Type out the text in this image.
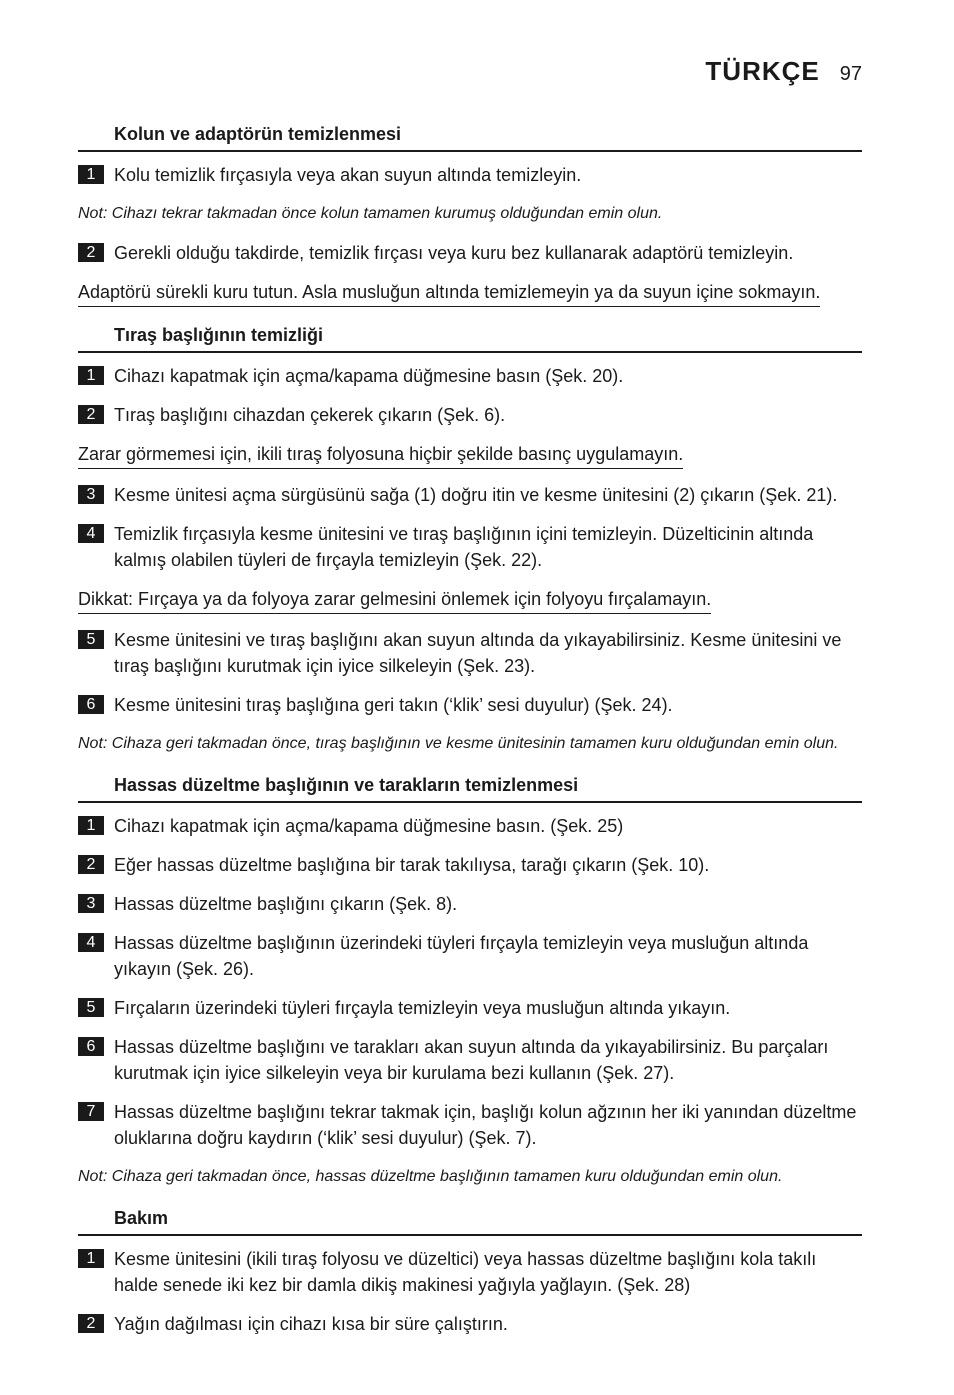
TÜRKÇE 97
Kolun ve adaptörün temizlenmesi
1	Kolu temizlik fırçasıyla veya akan suyun altında temizleyin.
Not: Cihazı tekrar takmadan önce kolun tamamen kurumuş olduğundan emin olun.
2	Gerekli olduğu takdirde, temizlik fırçası veya kuru bez kullanarak adaptörü temizleyin.
Adaptörü sürekli kuru tutun. Asla musluğun altında temizlemeyin ya da suyun içine sokmayın.
Tıraş başlığının temizliği
1	Cihazı kapatmak için açma/kapama düğmesine basın (Şek. 20).
2	Tıraş başlığını cihazdan çekerek çıkarın (Şek. 6).
Zarar görmemesi için, ikili tıraş folyosuna hiçbir şekilde basınç uygulamayın.
3	Kesme ünitesi açma sürgüsünü sağa (1) doğru itin ve kesme ünitesini (2) çıkarın (Şek. 21).
4	Temizlik fırçasıyla kesme ünitesini ve tıraş başlığının içini temizleyin. Düzelticinin altında kalmış olabilen tüyleri de fırçayla temizleyin (Şek. 22).
Dikkat: Fırçaya ya da folyoya zarar gelmesini önlemek için folyoyu fırçalamayın.
5	Kesme ünitesini ve tıraş başlığını akan suyun altında da yıkayabilirsiniz. Kesme ünitesini ve tıraş başlığını kurutmak için iyice silkeleyin (Şek. 23).
6	Kesme ünitesini tıraş başlığına geri takın (‘klik’ sesi duyulur) (Şek. 24).
Not: Cihaza geri takmadan önce, tıraş başlığının ve kesme ünitesinin tamamen kuru olduğundan emin olun.
Hassas düzeltme başlığının ve tarakların temizlenmesi
1	Cihazı kapatmak için açma/kapama düğmesine basın. (Şek. 25)
2	Eğer hassas düzeltme başlığına bir tarak takılıysa, tarağı çıkarın (Şek. 10).
3	Hassas düzeltme başlığını çıkarın (Şek. 8).
4	Hassas düzeltme başlığının üzerindeki tüyleri fırçayla temizleyin veya musluğun altında yıkayın (Şek. 26).
5	Fırçaların üzerindeki tüyleri fırçayla temizleyin veya musluğun altında yıkayın.
6	Hassas düzeltme başlığını ve tarakları akan suyun altında da yıkayabilirsiniz. Bu parçaları kurutmak için iyice silkeleyin veya bir kurulama bezi kullanın (Şek. 27).
7	Hassas düzeltme başlığını tekrar takmak için, başlığı kolun ağzının her iki yanından düzeltme oluklarına doğru kaydırın (‘klik’ sesi duyulur) (Şek. 7).
Not: Cihaza geri takmadan önce, hassas düzeltme başlığının tamamen kuru olduğundan emin olun.
Bakım
1	Kesme ünitesini (ikili tıraş folyosu ve düzeltici) veya hassas düzeltme başlığını kola takılı halde senede iki kez bir damla dikiş makinesi yağıyla yağlayın. (Şek. 28)
2	Yağın dağılması için cihazı kısa bir süre çalıştırın.
